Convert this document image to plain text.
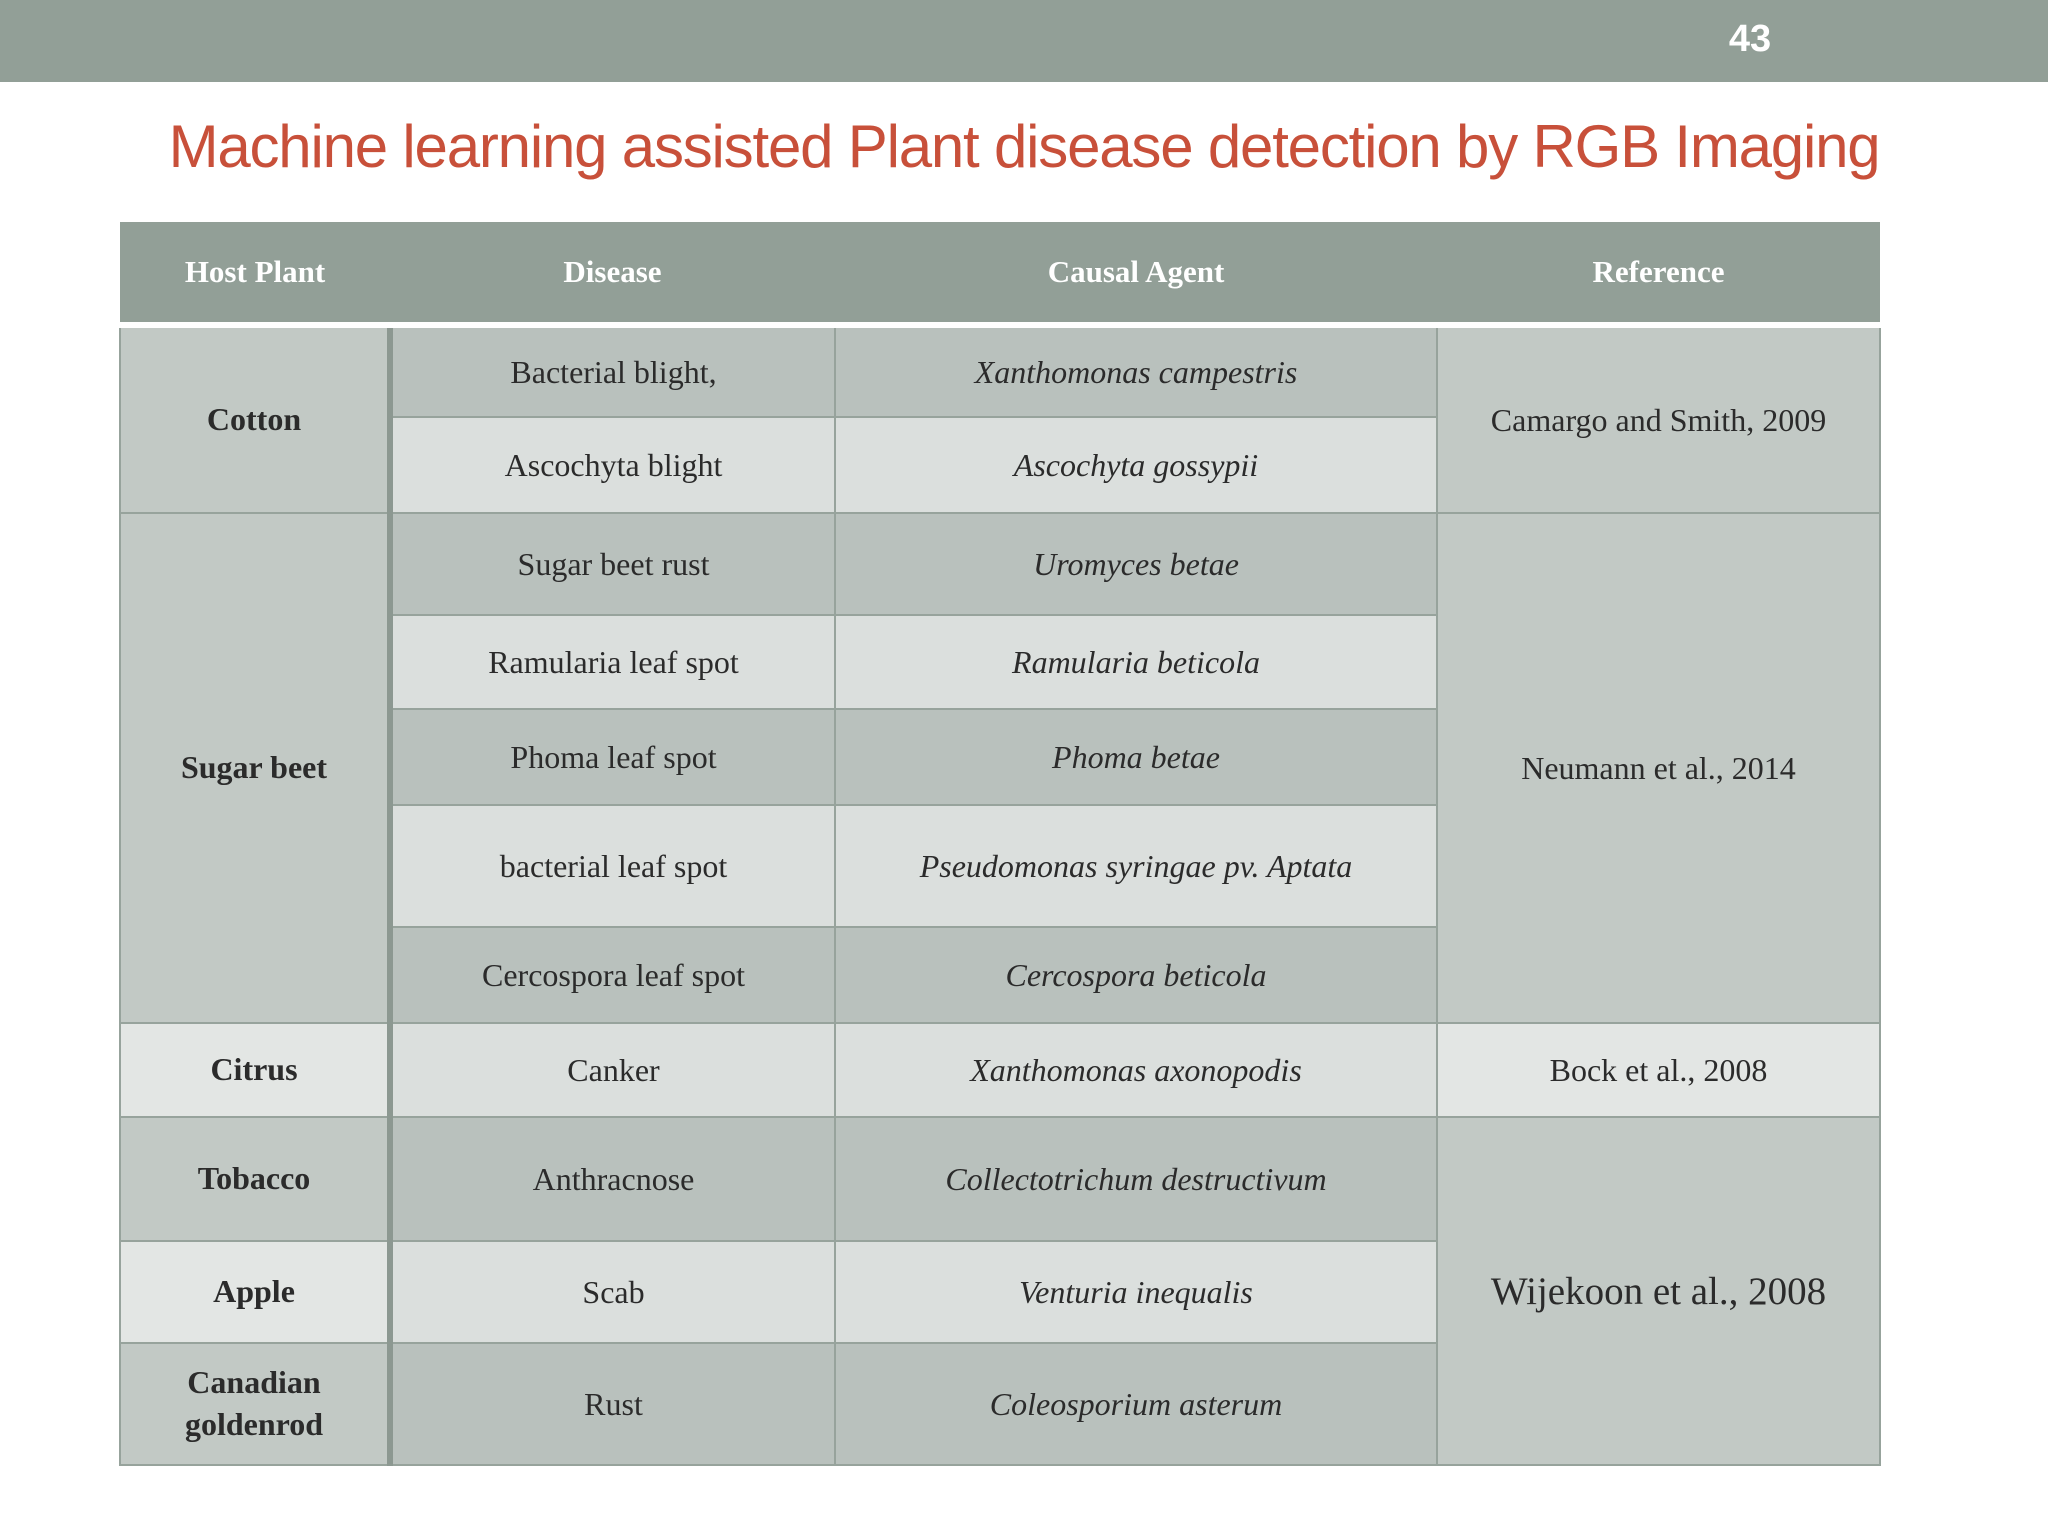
43
Machine learning assisted Plant disease detection by RGB Imaging
Host Plant	Disease	Causal Agent	Reference
Cotton	Bacterial blight,	Xanthomonas campestris	Camargo and Smith, 2009
	Ascochyta blight	Ascochyta gossypii	
Sugar beet	Sugar beet rust	Uromyces betae	Neumann et al., 2014
	Ramularia leaf spot	Ramularia beticola	
	Phoma leaf spot	Phoma betae	
	bacterial leaf spot	Pseudomonas syringae pv. Aptata	
	Cercospora leaf spot	Cercospora beticola	
Citrus	Canker	Xanthomonas axonopodis	Bock et al., 2008
Tobacco	Anthracnose	Collectotrichum destructivum	Wijekoon et al., 2008
Apple	Scab	Venturia inequalis	
Canadian goldenrod	Rust	Coleosporium asterum	
